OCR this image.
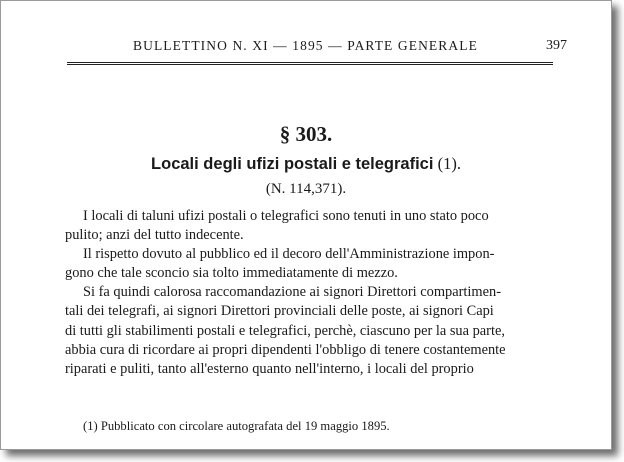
BULLETTINO N. XI — 1895 — PARTE GENERALE	397
§ 303.
Locali degli ufizi postali e telegrafici (1).
(N. 114,371).

I locali di taluni ufizi postali o telegrafici sono tenuti in uno stato poco
pulito; anzi del tutto indecente.

Il rispetto dovuto al pubblico ed il decoro dell'Amministrazione impon-
gono che tale sconcio sia tolto immediatamente di mezzo.

Si fa quindi calorosa raccomandazione ai signori Direttori compartimen-
tali dei telegrafi, ai signori Direttori provinciali delle poste, ai signori Capi
di tutti gli stabilimenti postali e telegrafici, perchè, ciascuno per la sua parte,
abbia cura di ricordare ai propri dipendenti l'obbligo di tenere costantemente
riparati e puliti, tanto all'esterno quanto nell'interno, i locali del proprio

(1) Pubblicato con circolare autografata del 19 maggio 1895.
